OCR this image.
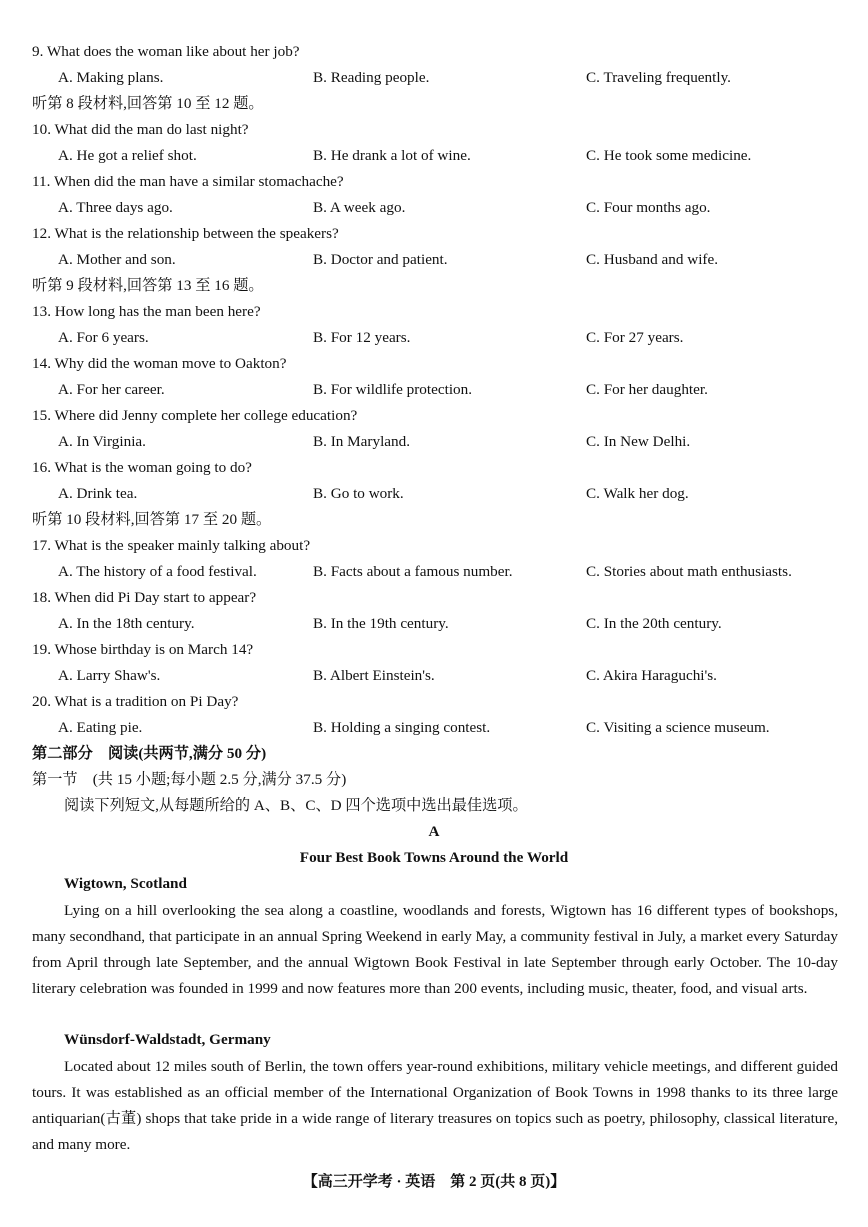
9. What does the woman like about her job?
A. Making plans.	B. Reading people.	C. Traveling frequently.
听第 8 段材料,回答第 10 至 12 题。
10. What did the man do last night?
A. He got a relief shot.	B. He drank a lot of wine.	C. He took some medicine.
11. When did the man have a similar stomachache?
A. Three days ago.	B. A week ago.	C. Four months ago.
12. What is the relationship between the speakers?
A. Mother and son.	B. Doctor and patient.	C. Husband and wife.
听第 9 段材料,回答第 13 至 16 题。
13. How long has the man been here?
A. For 6 years.	B. For 12 years.	C. For 27 years.
14. Why did the woman move to Oakton?
A. For her career.	B. For wildlife protection.	C. For her daughter.
15. Where did Jenny complete her college education?
A. In Virginia.	B. In Maryland.	C. In New Delhi.
16. What is the woman going to do?
A. Drink tea.	B. Go to work.	C. Walk her dog.
听第 10 段材料,回答第 17 至 20 题。
17. What is the speaker mainly talking about?
A. The history of a food festival.	B. Facts about a famous number.	C. Stories about math enthusiasts.
18. When did Pi Day start to appear?
A. In the 18th century.	B. In the 19th century.	C. In the 20th century.
19. Whose birthday is on March 14?
A. Larry Shaw's.	B. Albert Einstein's.	C. Akira Haraguchi's.
20. What is a tradition on Pi Day?
A. Eating pie.	B. Holding a singing contest.	C. Visiting a science museum.
第二部分　阅读(共两节,满分 50 分)
第一节　(共 15 小题;每小题 2.5 分,满分 37.5 分)
阅读下列短文,从每题所给的 A、B、C、D 四个选项中选出最佳选项。
A
Four Best Book Towns Around the World
Wigtown, Scotland
Lying on a hill overlooking the sea along a coastline, woodlands and forests, Wigtown has 16 different types of bookshops, many secondhand, that participate in an annual Spring Weekend in early May, a community festival in July, a market every Saturday from April through late September, and the annual Wigtown Book Festival in late September through early October. The 10-day literary celebration was founded in 1999 and now features more than 200 events, including music, theater, food, and visual arts.
Wünsdorf-Waldstadt, Germany
Located about 12 miles south of Berlin, the town offers year-round exhibitions, military vehicle meetings, and different guided tours. It was established as an official member of the International Organization of Book Towns in 1998 thanks to its three large antiquarian(古董) shops that take pride in a wide range of literary treasures on topics such as poetry, philosophy, classical literature, and many more.
【高三开学考 · 英语　第 2 页(共 8 页)】
